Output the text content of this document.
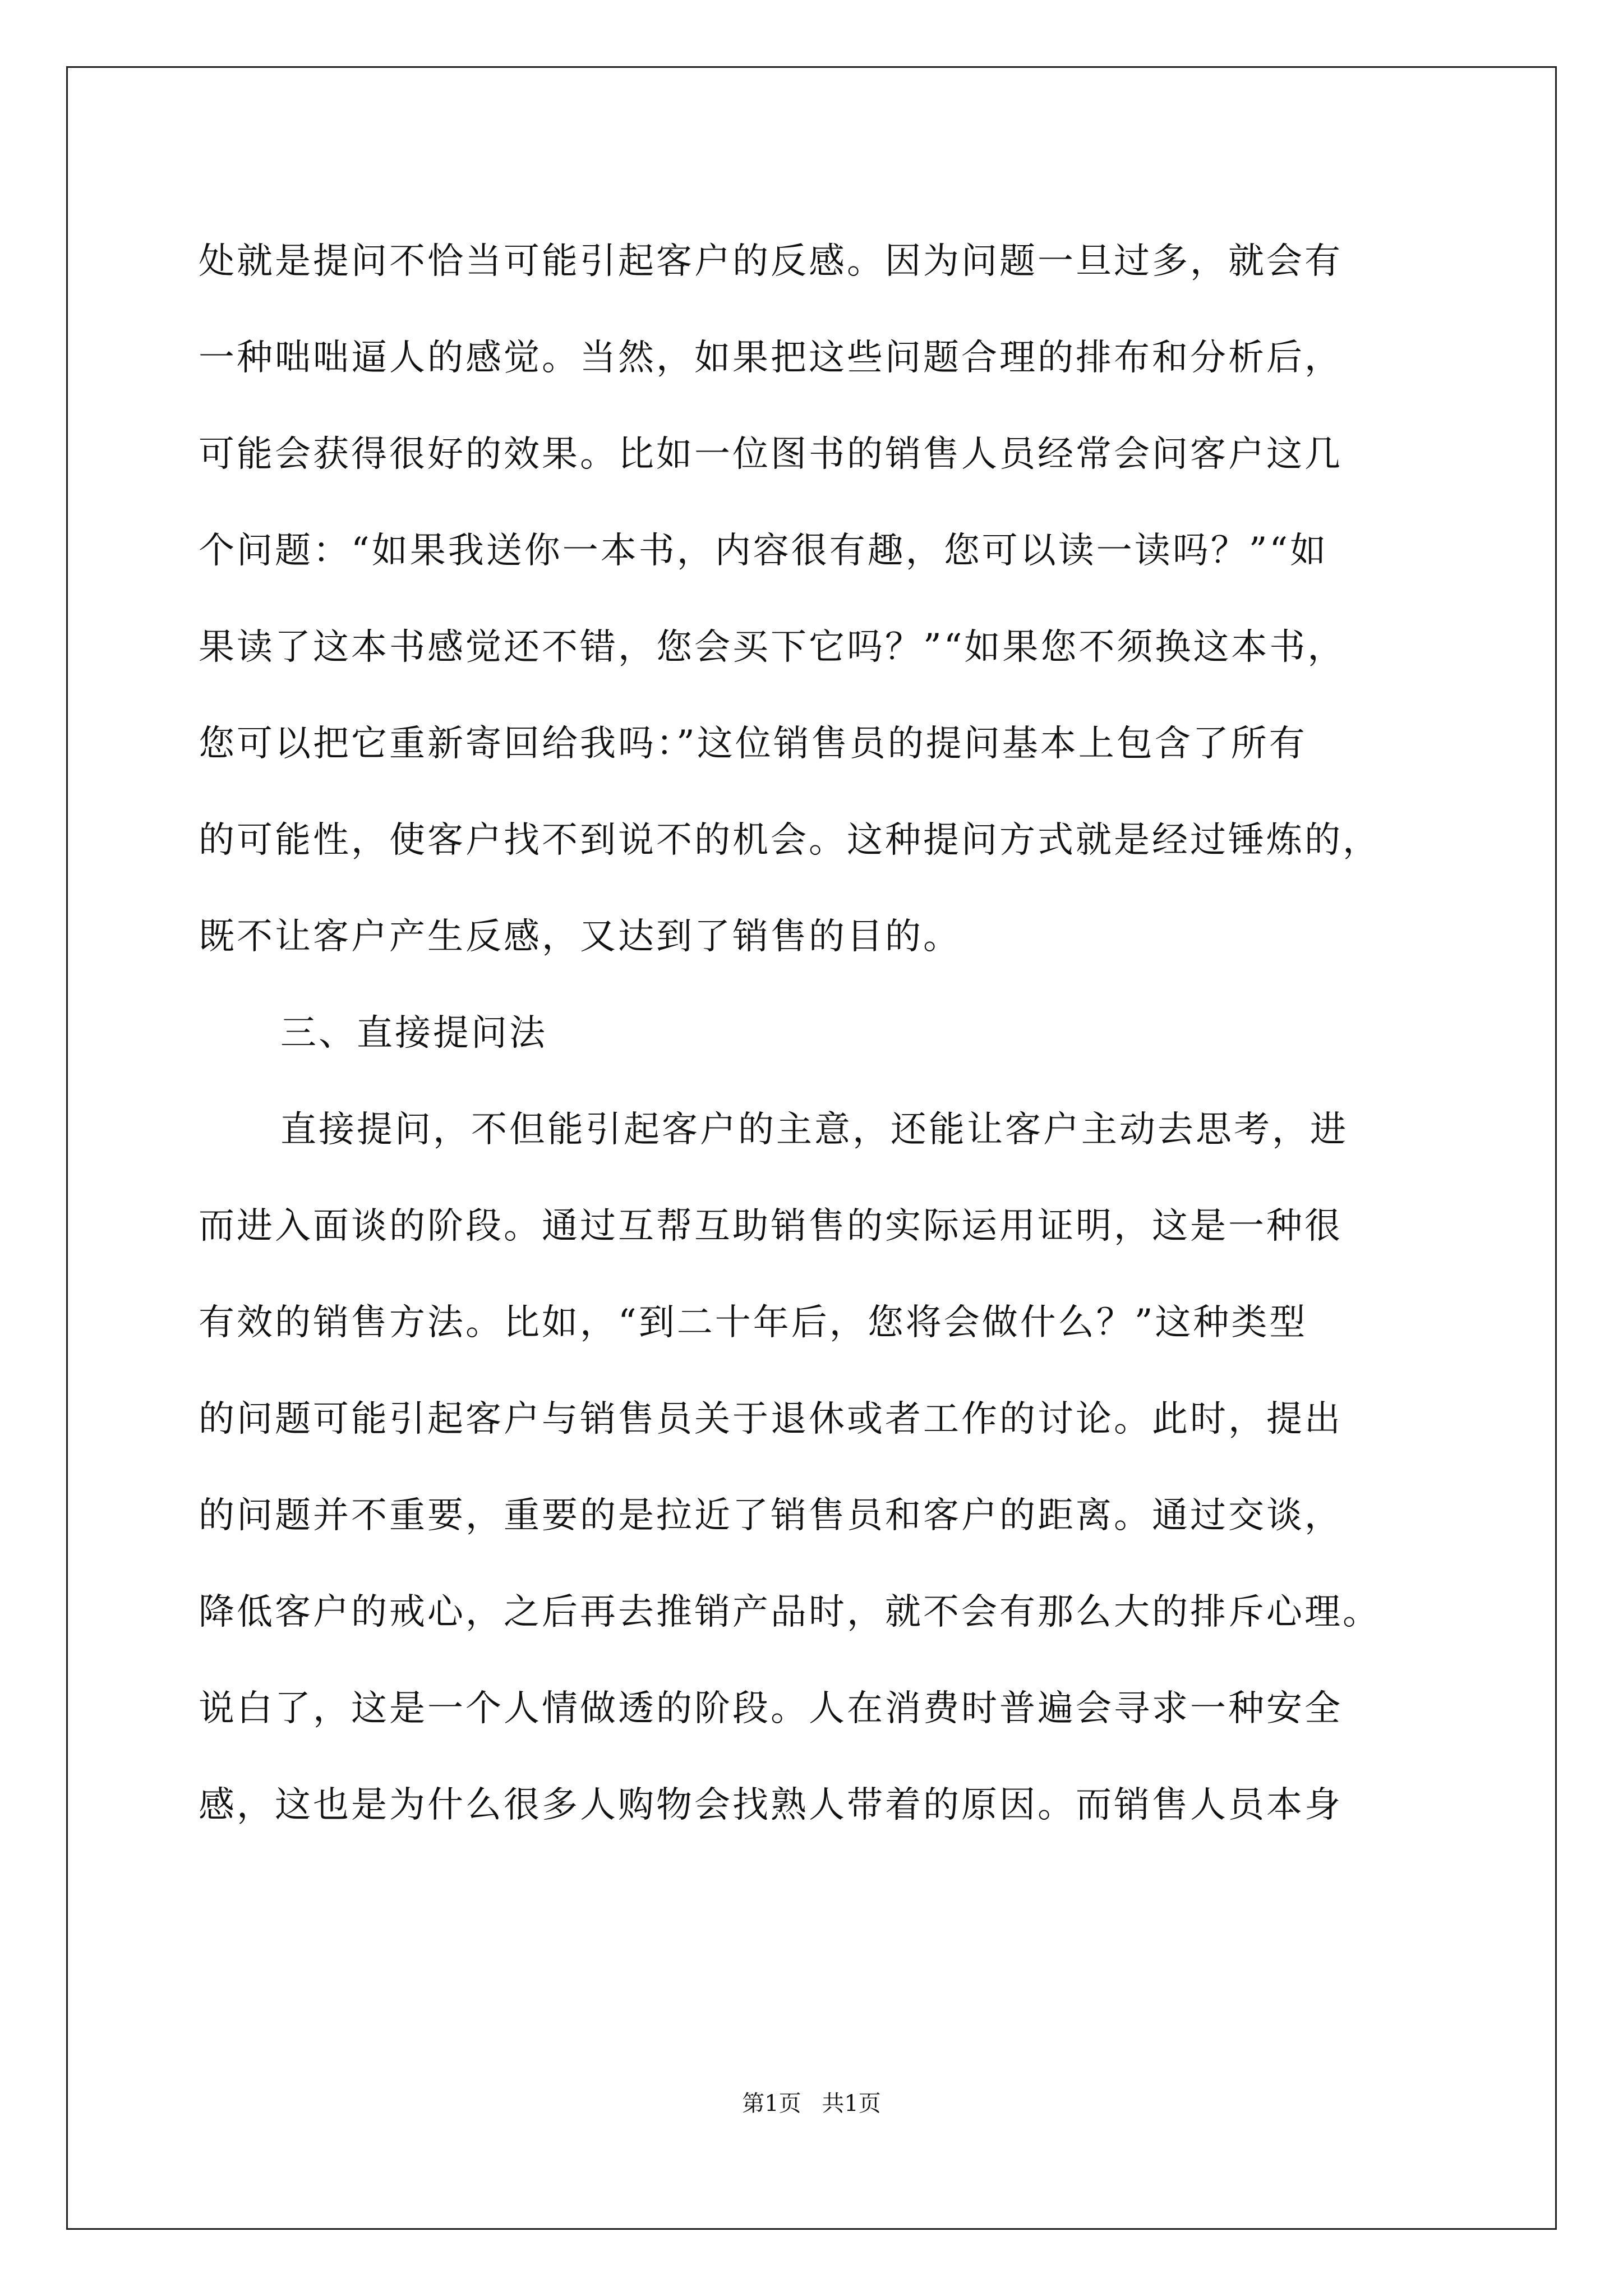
处就是提问不恰当可能引起客户的反感。因为问题一旦过多，就会有
一种咄咄逼人的感觉。当然，如果把这些问题合理的排布和分析后，
可能会获得很好的效果。比如一位图书的销售人员经常会问客户这几
个问题：“如果我送你一本书，内容很有趣，您可以读一读吗？”“如
果读了这本书感觉还不错，您会买下它吗？”“如果您不须换这本书，
您可以把它重新寄回给我吗：”这位销售员的提问基本上包含了所有
的可能性，使客户找不到说不的机会。这种提问方式就是经过锤炼的，
既不让客户产生反感，又达到了销售的目的。
三、直接提问法
直接提问，不但能引起客户的主意，还能让客户主动去思考，进
而进入面谈的阶段。通过互帮互助销售的实际运用证明，这是一种很
有效的销售方法。比如，“到二十年后，您将会做什么？”这种类型
的问题可能引起客户与销售员关于退休或者工作的讨论。此时，提出
的问题并不重要，重要的是拉近了销售员和客户的距离。通过交谈，
降低客户的戒心，之后再去推销产品时，就不会有那么大的排斥心理。
说白了，这是一个人情做透的阶段。人在消费时普遍会寻求一种安全
感，这也是为什么很多人购物会找熟人带着的原因。而销售人员本身
第1页 共1页
